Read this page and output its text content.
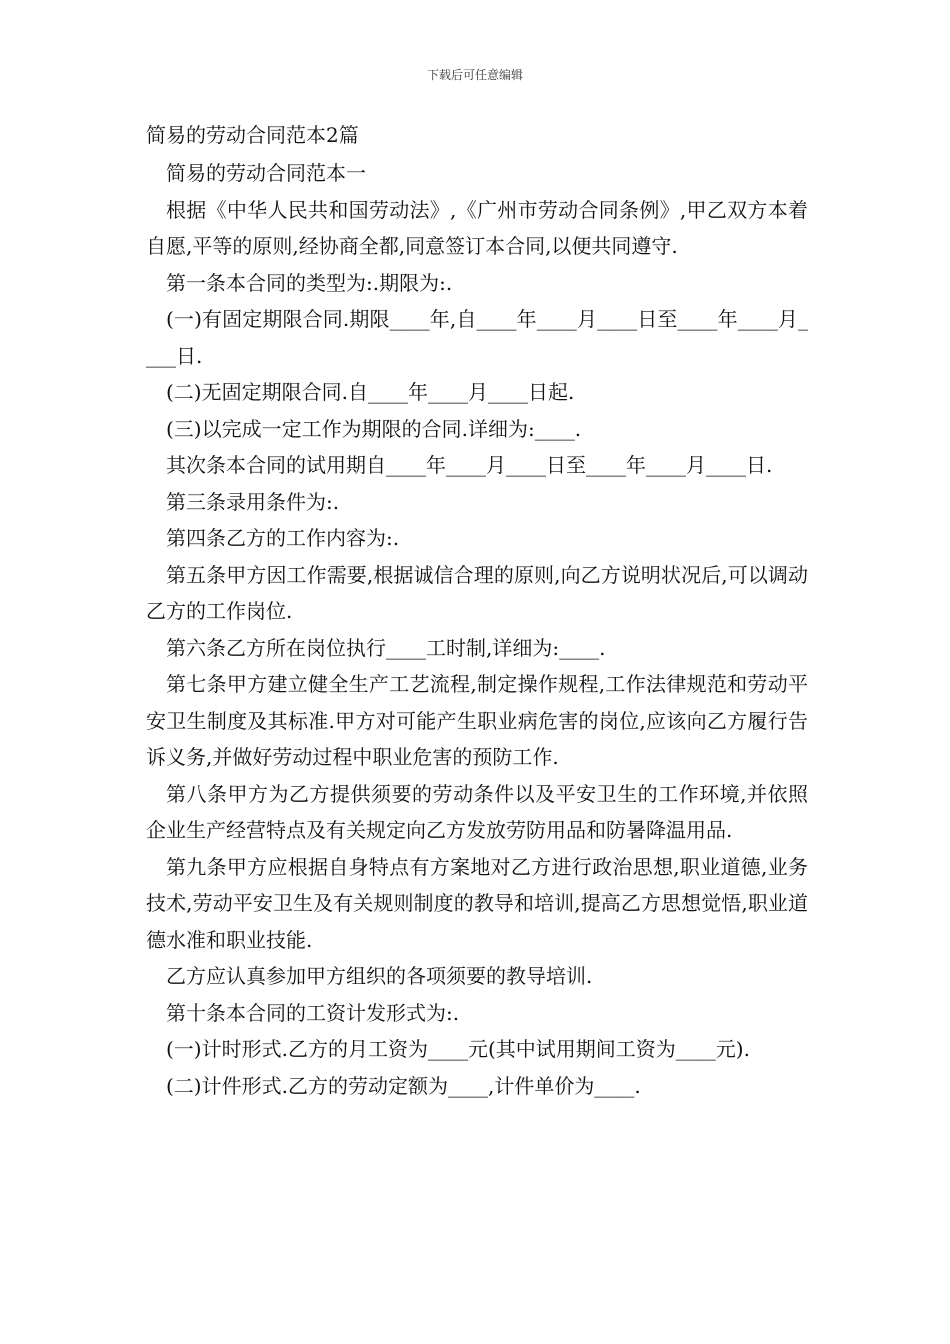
下载后可任意编辑
简易的劳动合同范本2篇

简易的劳动合同范本一

根据《中华人民共和国劳动法》,《广州市劳动合同条例》,甲乙双方本着自愿,平等的原则,经协商全都,同意签订本合同,以便共同遵守.

第一条本合同的类型为:.期限为:.

(一)有固定期限合同.期限____年,自____年____月____日至____年____月____日.

(二)无固定期限合同.自____年____月____日起.

(三)以完成一定工作为期限的合同.详细为:____.

其次条本合同的试用期自____年____月____日至____年____月____日.

第三条录用条件为:.

第四条乙方的工作内容为:.

第五条甲方因工作需要,根据诚信合理的原则,向乙方说明状况后,可以调动乙方的工作岗位.

第六条乙方所在岗位执行____工时制,详细为:____.

第七条甲方建立健全生产工艺流程,制定操作规程,工作法律规范和劳动平安卫生制度及其标准.甲方对可能产生职业病危害的岗位,应该向乙方履行告诉义务,并做好劳动过程中职业危害的预防工作.

第八条甲方为乙方提供须要的劳动条件以及平安卫生的工作环境,并依照企业生产经营特点及有关规定向乙方发放劳防用品和防暑降温用品.

第九条甲方应根据自身特点有方案地对乙方进行政治思想,职业道德,业务技术,劳动平安卫生及有关规则制度的教导和培训,提高乙方思想觉悟,职业道德水准和职业技能.

乙方应认真参加甲方组织的各项须要的教导培训.

第十条本合同的工资计发形式为:.

(一)计时形式.乙方的月工资为____元(其中试用期间工资为____元).

(二)计件形式.乙方的劳动定额为____,计件单价为____.
